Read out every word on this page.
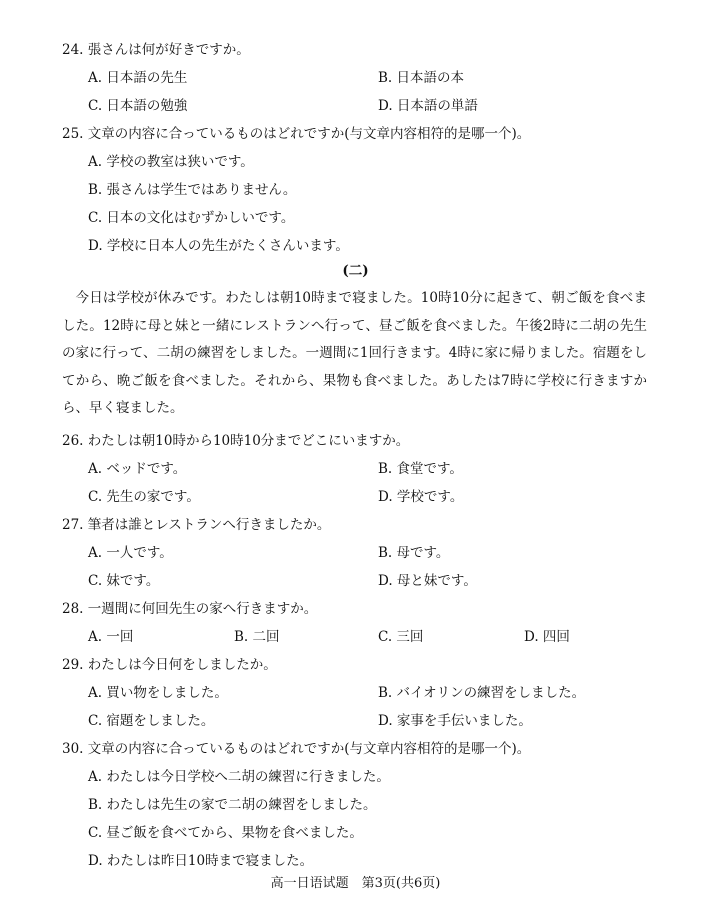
24. 張さんは何が好きですか。
A. 日本語の先生	B. 日本語の本
C. 日本語の勉強	D. 日本語の単語
25. 文章の内容に合っているものはどれですか(与文章内容相符的是哪一个)。
A. 学校の教室は狭いです。
B. 張さんは学生ではありません。
C. 日本の文化はむずかしいです。
D. 学校に日本人の先生がたくさんいます。
(二)

今日は学校が休みです。わたしは朝10時まで寝ました。10時10分に起きて、朝ご飯を食べました。12時に母と妹と一緒にレストランへ行って、昼ご飯を食べました。午後2時に二胡の先生の家に行って、二胡の練習をしました。一週間に1回行きます。4時に家に帰りました。宿題をしてから、晩ご飯を食べました。それから、果物も食べました。あしたは7時に学校に行きますから、早く寝ました。

26. わたしは朝10時から10時10分までどこにいますか。
A. ベッドです。	B. 食堂です。
C. 先生の家です。	D. 学校です。
27. 筆者は誰とレストランへ行きましたか。
A. 一人です。	B. 母です。
C. 妹です。	D. 母と妹です。
28. 一週間に何回先生の家へ行きますか。
A. 一回	B. 二回	C. 三回	D. 四回
29. わたしは今日何をしましたか。
A. 買い物をしました。	B. バイオリンの練習をしました。
C. 宿題をしました。	D. 家事を手伝いました。
30. 文章の内容に合っているものはどれですか(与文章内容相符的是哪一个)。
A. わたしは今日学校へ二胡の練習に行きました。
B. わたしは先生の家で二胡の練習をしました。
C. 昼ご飯を食べてから、果物を食べました。
D. わたしは昨日10時まで寝ました。
高一日语试题　第3页(共6页)
